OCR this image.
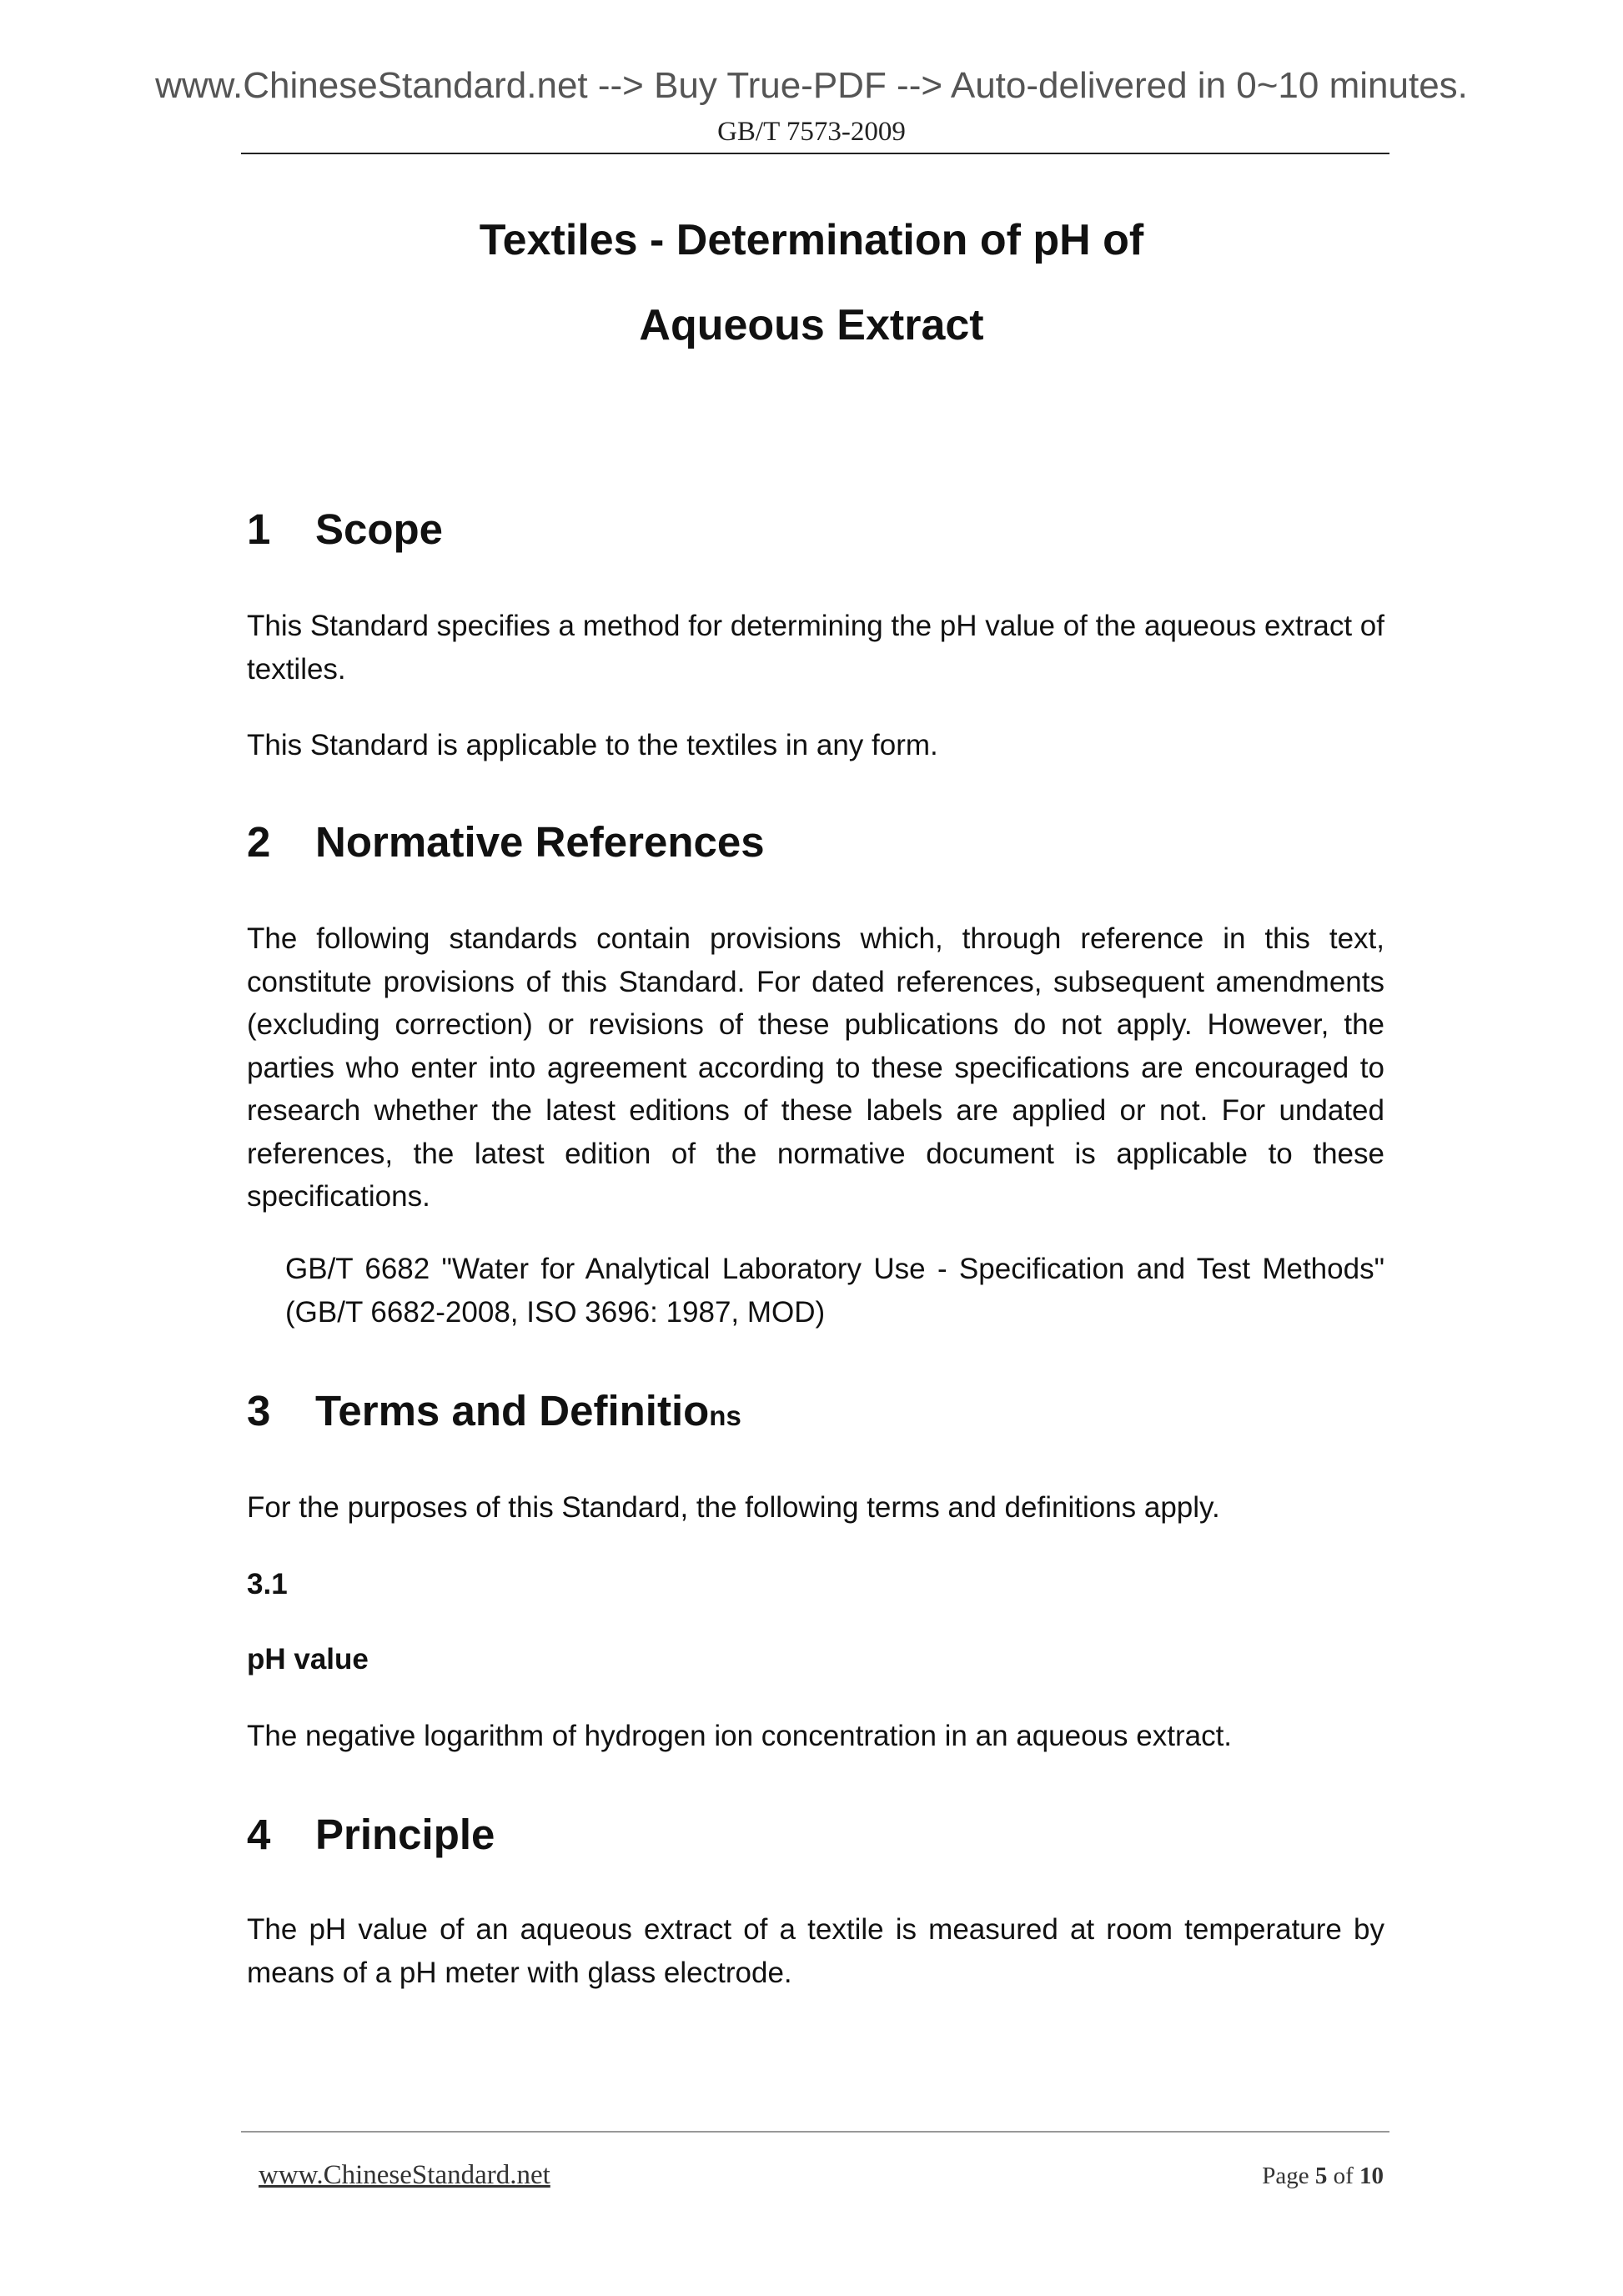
www.ChineseStandard.net --> Buy True-PDF --> Auto-delivered in 0~10 minutes.
GB/T 7573-2009
Textiles - Determination of pH of
Aqueous Extract
1 Scope
This Standard specifies a method for determining the pH value of the aqueous extract of textiles.
This Standard is applicable to the textiles in any form.
2 Normative References
The following standards contain provisions which, through reference in this text, constitute provisions of this Standard. For dated references, subsequent amendments (excluding correction) or revisions of these publications do not apply. However, the parties who enter into agreement according to these specifications are encouraged to research whether the latest editions of these labels are applied or not. For undated references, the latest edition of the normative document is applicable to these specifications.
GB/T 6682 "Water for Analytical Laboratory Use - Specification and Test Methods" (GB/T 6682-2008, ISO 3696: 1987, MOD)
3 Terms and Definitions
For the purposes of this Standard, the following terms and definitions apply.
3.1
pH value
The negative logarithm of hydrogen ion concentration in an aqueous extract.
4 Principle
The pH value of an aqueous extract of a textile is measured at room temperature by means of a pH meter with glass electrode.
www.ChineseStandard.net	Page 5 of 10
